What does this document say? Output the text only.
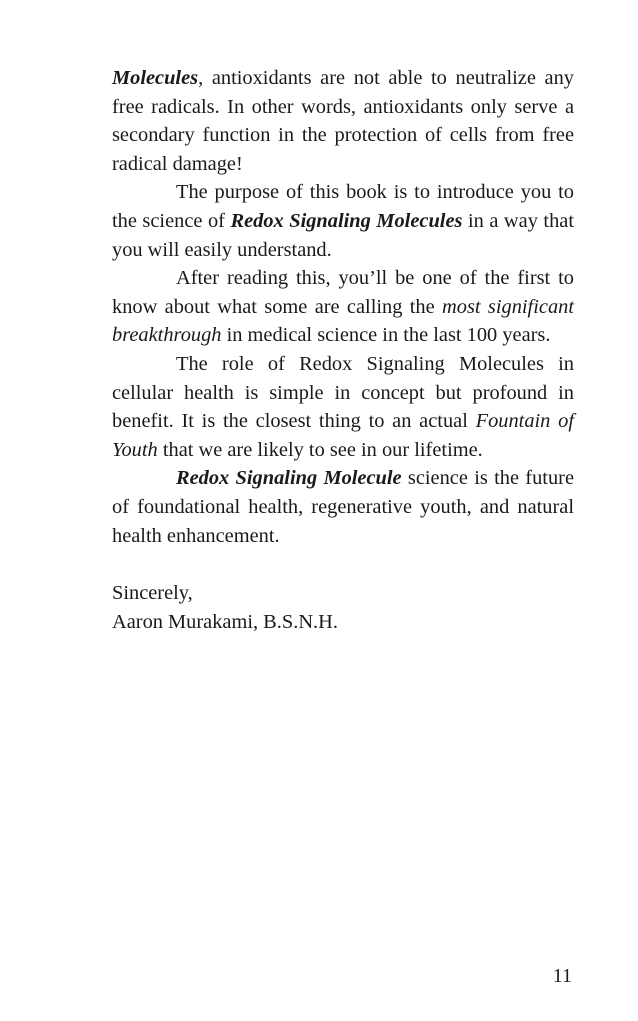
Molecules, antioxidants are not able to neutralize any free radicals. In other words, antioxidants only serve a secondary function in the protection of cells from free radical damage!

The purpose of this book is to introduce you to the science of Redox Signaling Molecules in a way that you will easily understand.

After reading this, you’ll be one of the first to know about what some are calling the most significant breakthrough in medical science in the last 100 years.

The role of Redox Signaling Molecules in cellular health is simple in concept but profound in benefit. It is the closest thing to an actual Fountain of Youth that we are likely to see in our lifetime.

Redox Signaling Molecule science is the future of foundational health, regenerative youth, and natural health enhancement.

Sincerely,
Aaron Murakami, B.S.N.H.
11
